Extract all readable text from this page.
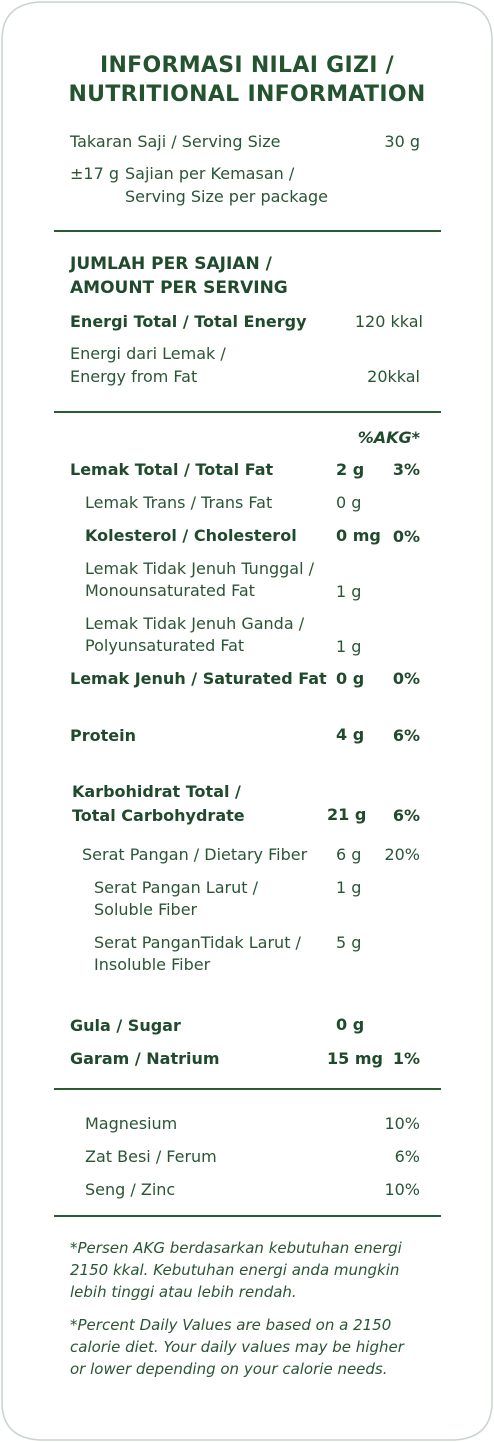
INFORMASI NILAI GIZI /
NUTRITIONAL INFORMATION
Takaran Saji / Serving Size	30 g
±17 g Sajian per Kemasan /
Serving Size per package
JUMLAH PER SAJIAN /
AMOUNT PER SERVING
Energi Total / Total Energy	120 kkal
Energi dari Lemak /
Energy from Fat	20kkal
%AKG*
Lemak Total / Total Fat	2 g	3%
Lemak Trans / Trans Fat	0 g
Kolesterol / Cholesterol 0 mg 0%
Lemak Tidak Jenuh Tunggal /
Monounsaturated Fat	1 g
Lemak Tidak Jenuh Ganda /
Polyunsaturated Fat	1 g
Lemak Jenuh / Saturated Fat 0 g	0%
Protein	4 g	6%
Karbohidrat Total /
Total Carbohydrate	21 g	6%
Serat Pangan / Dietary Fiber 6 g	20%
Serat Pangan Larut /
Soluble Fiber
1 g
Serat PanganTidak Larut /
Insoluble Fiber
5 g
Gula / Sugar	0 g
Garam / Natrium	15 mg 1%
Magnesium	10%
Zat Besi / Ferum	6%
Seng / Zinc	10%
*Persen AKG berdasarkan kebutuhan energi
2150 kkal. Kebutuhan energi anda mungkin
lebih tinggi atau lebih rendah.
*Percent Daily Values are based on a 2150
calorie diet. Your daily values may be higher
or lower depending on your calorie needs.
